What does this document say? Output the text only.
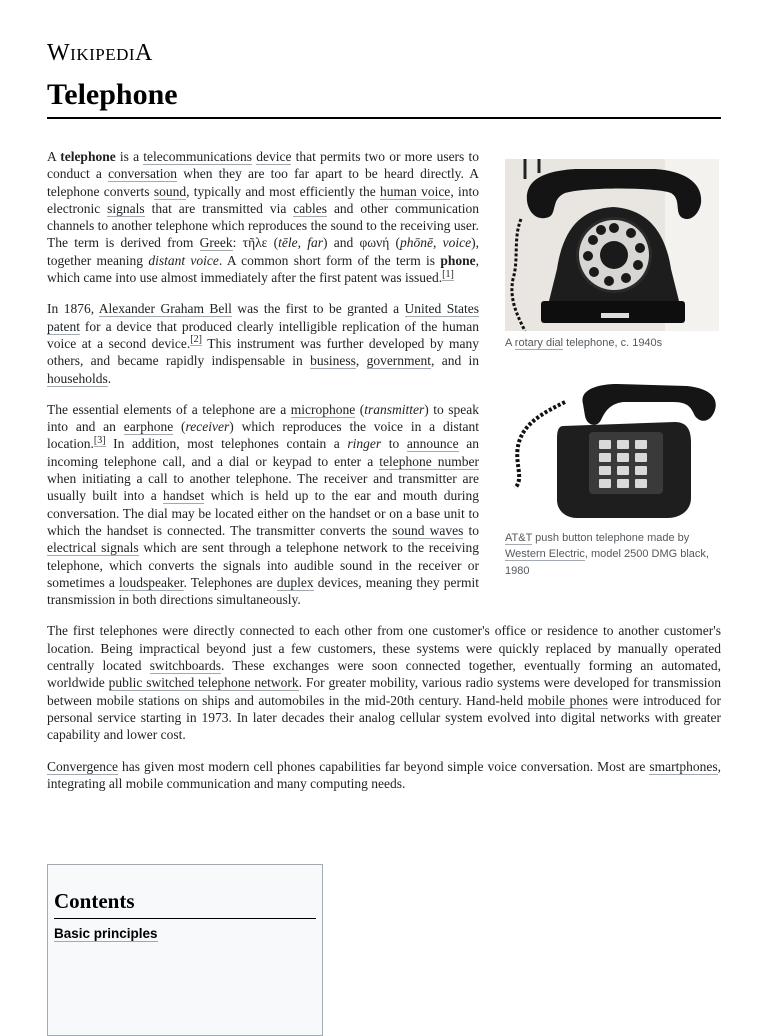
WIKIPEDIA
Telephone
A rotary dial telephone, c. 1940s

A telephone is a telecommunications device that permits two or more users to conduct a conversation when they are too far apart to be heard directly. A telephone converts sound, typically and most efficiently the human voice, into electronic signals that are transmitted via cables and other communication channels to another telephone which reproduces the sound to the receiving user. The term is derived from Greek: τῆλε (tēle, far) and φωνή (phōnē, voice), together meaning distant voice. A common short form of the term is phone, which came into use almost immediately after the first patent was issued.[1]

AT&T push button telephone made by Western Electric, model 2500 DMG black, 1980

In 1876, Alexander Graham Bell was the first to be granted a United States patent for a device that produced clearly intelligible replication of the human voice at a second device.[2] This instrument was further developed by many others, and became rapidly indispensable in business, government, and in households.

The essential elements of a telephone are a microphone (transmitter) to speak into and an earphone (receiver) which reproduces the voice in a distant location.[3] In addition, most telephones contain a ringer to announce an incoming telephone call, and a dial or keypad to enter a telephone number when initiating a call to another telephone. The receiver and transmitter are usually built into a handset which is held up to the ear and mouth during conversation. The dial may be located either on the handset or on a base unit to which the handset is connected. The transmitter converts the sound waves to electrical signals which are sent through a telephone network to the receiving telephone, which converts the signals into audible sound in the receiver or sometimes a loudspeaker. Telephones are duplex devices, meaning they permit transmission in both directions simultaneously.

The first telephones were directly connected to each other from one customer's office or residence to another customer's location. Being impractical beyond just a few customers, these systems were quickly replaced by manually operated centrally located switchboards. These exchanges were soon connected together, eventually forming an automated, worldwide public switched telephone network. For greater mobility, various radio systems were developed for transmission between mobile stations on ships and automobiles in the mid-20th century. Hand-held mobile phones were introduced for personal service starting in 1973. In later decades their analog cellular system evolved into digital networks with greater capability and lower cost.

Convergence has given most modern cell phones capabilities far beyond simple voice conversation. Most are smartphones, integrating all mobile communication and many computing needs.

Contents
Basic principles
